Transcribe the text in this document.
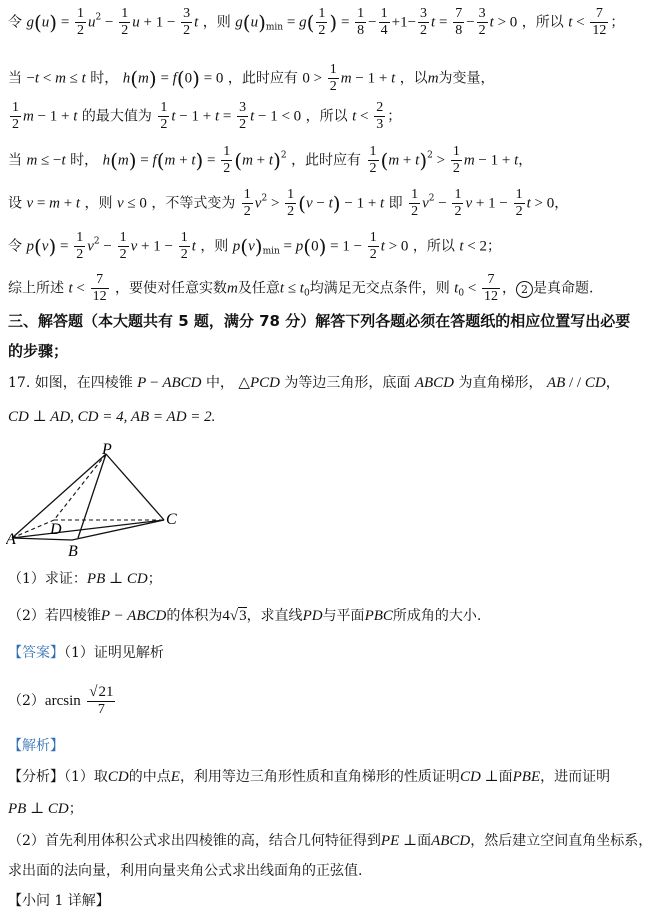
令 $g(u) = \frac{1}{2} u^2 - \frac{1}{2}$ $u + 1 - \frac{3}{2}$ t ，则 $g(u)_{min} = g( \frac{1}{2}$ ) = $\frac{1}{8} - \frac{1}{4} +1- \frac{3}{2}$ $t = \frac{7}{8} - \frac{3}{2}$ t > 0 ，所以 $t < \frac{7}{12}$ ；
当 −t < m ≤ t 时， h(m) = f(0) = 0 ，此时应有 $0 > \frac{1}{2}$ m − 1 + t ，以m为变量，
$\frac{1}{2}$ m − 1 + t 的最大值为 $\frac{1}{2}$ $t - 1 + t = \frac{3}{2}$ t − 1 < 0 ，所以 $t < \frac{2}{3}$ ；
当 m ≤ −t 时， $h(m) = f(m + t) = \frac{1}{2} (m + t)^2$ ，此时应有 $\frac{1}{2} (m + t)^2 > \frac{1}{2}$ m − 1 + t，
设 v = m + t ，则 v ≤ 0 ，不等式变为 $\frac{1}{2} v^2 > \frac{1}{2} (v - t) - 1 + t$ 即 $\frac{1}{2} v^2 - \frac{1}{2}$ $v + 1 - \frac{1}{2}$ t > 0，
令 $p(v) = \frac{1}{2} v^2 - \frac{1}{2}$ $v + 1 - \frac{1}{2}$ t ，则 $p(v)_{min} = p(0) = 1 - \frac{1}{2}$ t > 0 ，所以 t < 2；
综上所述 $t < \frac{7}{12}$ ，要使对任意实数m及任意$t \le t_0$均满足无交点条件，则 $t_0 < \frac{7}{12}$ ， 2 是真命题.
三、解答题（本大题共有 5 题，满分 78 分）解答下列各题必须在答题纸的相应位置写出必要
的步骤；
17. 如图，在四棱锥 P − ABCD 中， △PCD 为等边三角形，底面 ABCD 为直角梯形， AB / / CD，
CD ⊥ AD, CD = 4, AB = AD = 2.
P
A
B
C
D
（1）求证：PB ⊥ CD；
（2）若四棱锥P − ABCD的体积为4√3，求直线PD与平面PBC所成角的大小.
【答案】（1）证明见解析
$(2)\arcsin \frac{√21}{7}$
【解析】
【分析】（1）取CD的中点E，利用等边三角形性质和直角梯形的性质证明CD ⊥面PBE，进而证明
PB ⊥ CD；
（2）首先利用体积公式求出四棱锥的高，结合几何特征得到PE ⊥面ABCD，然后建立空间直角坐标系，
求出面的法向量，利用向量夹角公式求出线面角的正弦值.
【小问 1 详解】
